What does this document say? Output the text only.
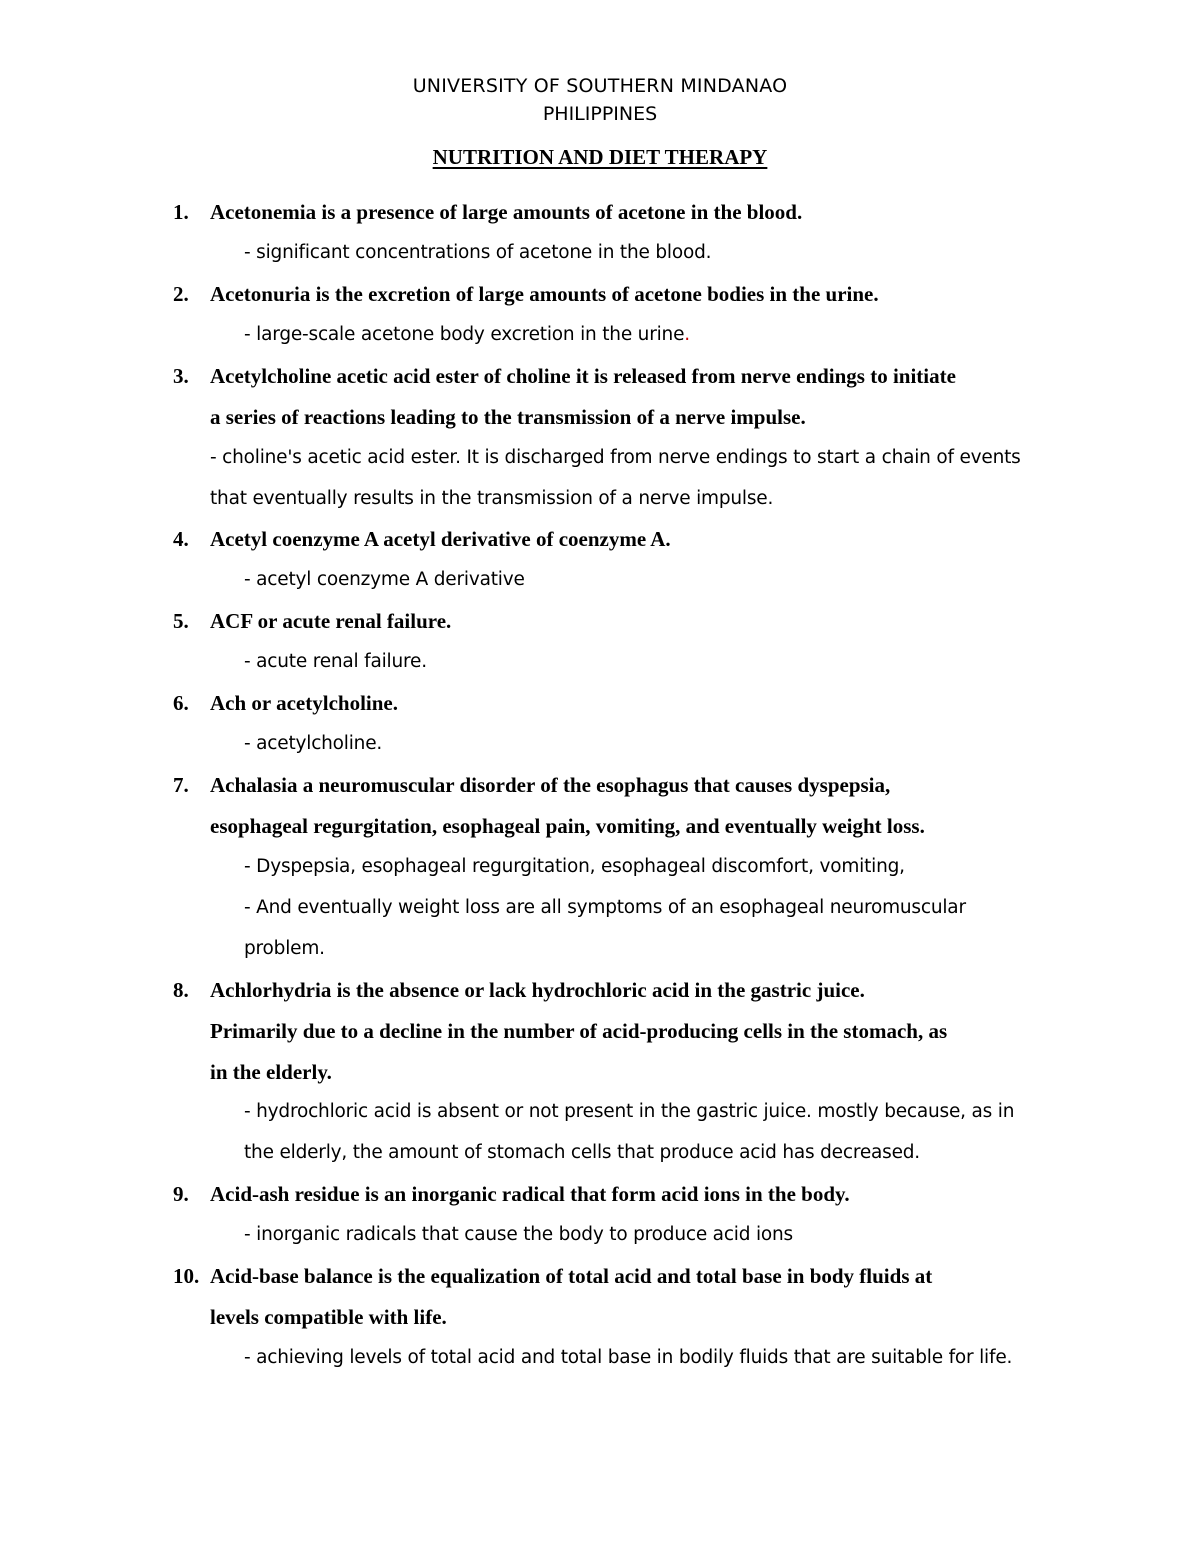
UNIVERSITY OF SOUTHERN MINDANAO
PHILIPPINES
NUTRITION AND DIET THERAPY
1. Acetonemia is a presence of large amounts of acetone in the blood.
- significant concentrations of acetone in the blood.
2. Acetonuria is the excretion of large amounts of acetone bodies in the urine.
- large-scale acetone body excretion in the urine.
3. Acetylcholine acetic acid ester of choline it is released from nerve endings to initiate
a series of reactions leading to the transmission of a nerve impulse.
- choline's acetic acid ester. It is discharged from nerve endings to start a chain of events
that eventually results in the transmission of a nerve impulse.
4. Acetyl coenzyme A acetyl derivative of coenzyme A.
- acetyl coenzyme A derivative
5. ACF or acute renal failure.
- acute renal failure.
6. Ach or acetylcholine.
- acetylcholine.
7. Achalasia a neuromuscular disorder of the esophagus that causes dyspepsia,
esophageal regurgitation, esophageal pain, vomiting, and eventually weight loss.
- Dyspepsia, esophageal regurgitation, esophageal discomfort, vomiting,
- And eventually weight loss are all symptoms of an esophageal neuromuscular
problem.
8. Achlorhydria is the absence or lack hydrochloric acid in the gastric juice.
Primarily due to a decline in the number of acid-producing cells in the stomach, as
in the elderly.
- hydrochloric acid is absent or not present in the gastric juice. mostly because, as in
the elderly, the amount of stomach cells that produce acid has decreased.
9. Acid-ash residue is an inorganic radical that form acid ions in the body.
- inorganic radicals that cause the body to produce acid ions
10. Acid-base balance is the equalization of total acid and total base in body fluids at
levels compatible with life.
- achieving levels of total acid and total base in bodily fluids that are suitable for life.
